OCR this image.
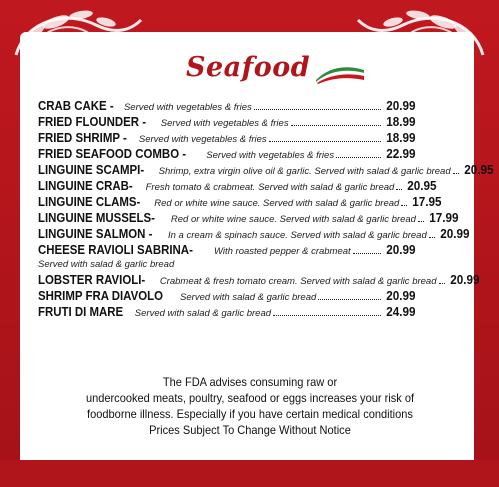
Seafood
CRAB CAKE - Served with vegetables & fries	20.99
FRIED FLOUNDER - Served with vegetables & fries	18.99
FRIED SHRIMP - Served with vegetables & fries	18.99
FRIED SEAFOOD COMBO - Served with vegetables & fries	22.99
LINGUINE SCAMPI- Shrimp, extra virgin olive oil & garlic. Served with salad & garlic bread 20.95
LINGUINE CRAB- Fresh tomato & crabmeat. Served with salad & garlic bread 20.95
LINGUINE CLAMS- Red or white wine sauce. Served with salad & garlic bread 17.95
LINGUINE MUSSELS- Red or white wine sauce. Served with salad & garlic bread 17.99
LINGUINE SALMON - In a cream & spinach sauce. Served with salad & garlic bread 20.99
CHEESE RAVIOLI SABRINA- With roasted pepper & crabmeat	20.99
Served with salad & garlic bread
LOBSTER RAVIOLI- Crabmeat & fresh tomato cream. Served with salad & garlic bread 20.99
SHRIMP FRA DIAVOLO Served with salad & garlic bread	20.99
FRUTI DI MARE Served with salad & garlic bread	24.99
The FDA advises consuming raw or
undercooked meats, poultry, seafood or eggs increases your risk of
foodborne illness. Especially if you have certain medical conditions
Prices Subject To Change Without Notice
